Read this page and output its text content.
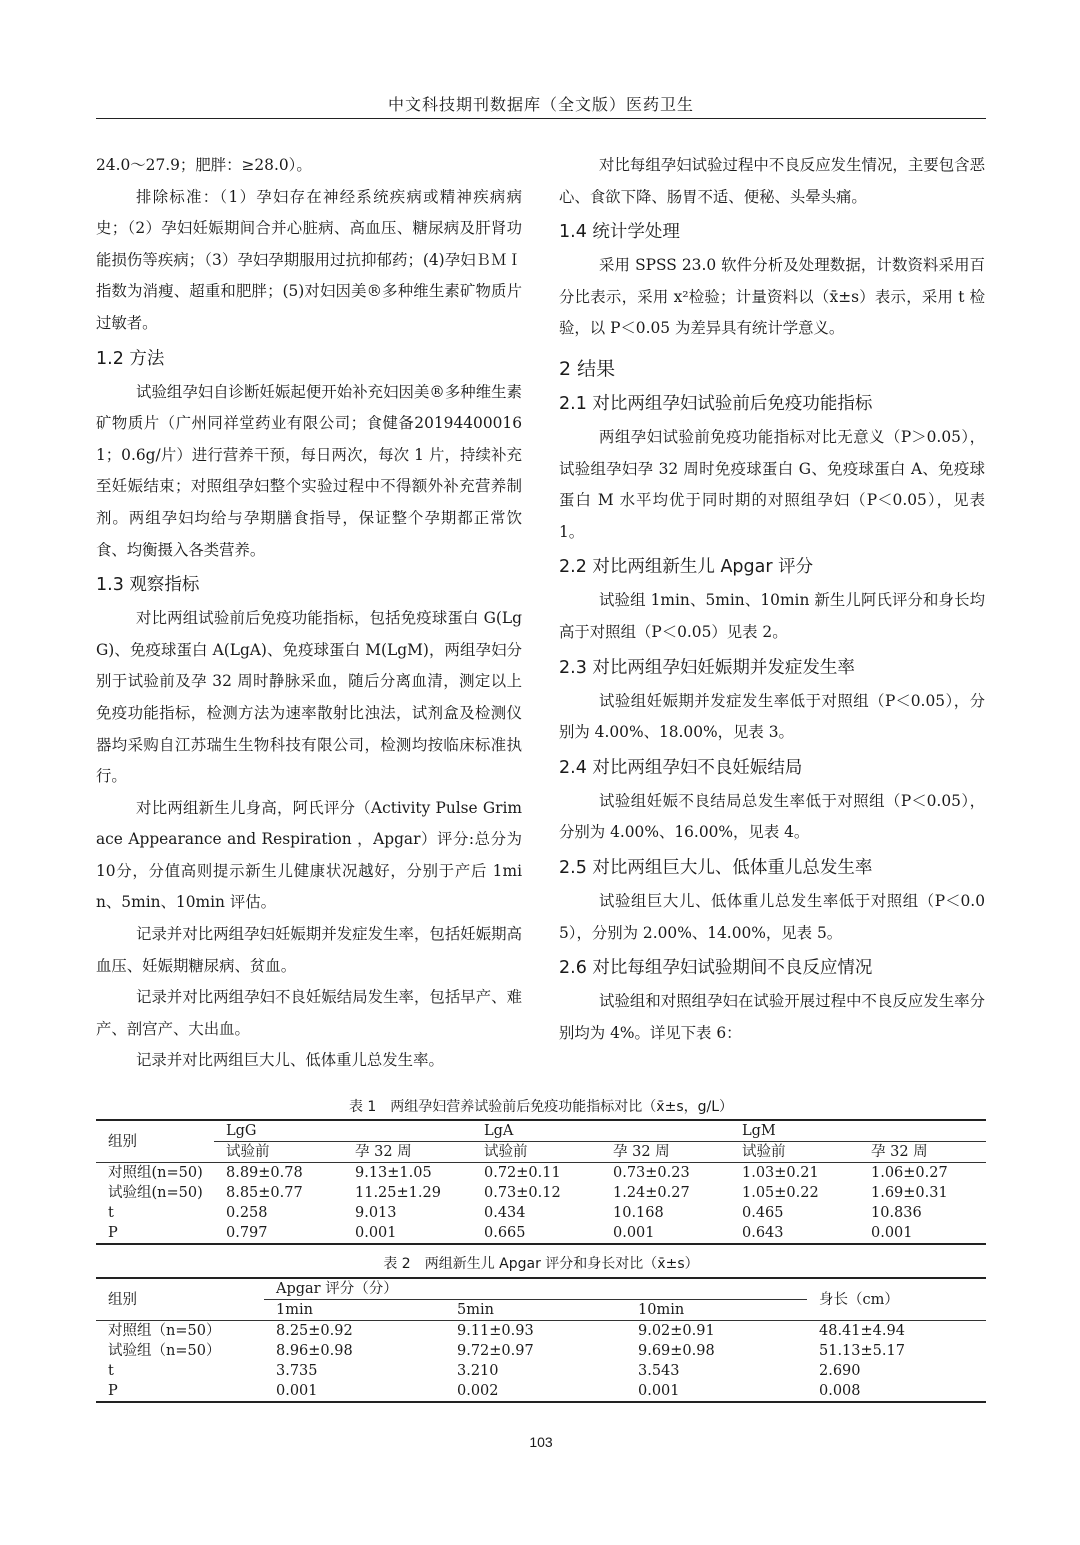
中文科技期刊数据库（全文版）医药卫生

24.0～27.9；肥胖：≥28.0）。

排除标准：（1）孕妇存在神经系统疾病或精神疾病病史；（2）孕妇妊娠期间合并心脏病、高血压、糖尿病及肝肾功能损伤等疾病；（3）孕妇孕期服用过抗抑郁药；(4)孕妇ＢＭＩ指数为消瘦、超重和肥胖；(5)对妇因美®多种维生素矿物质片过敏者。

1.2 方法

试验组孕妇自诊断妊娠起便开始补充妇因美®多种维生素矿物质片（广州同祥堂药业有限公司；食健备201944000161；0.6g/片）进行营养干预，每日两次，每次 1 片，持续补充至妊娠结束；对照组孕妇整个实验过程中不得额外补充营养制剂。两组孕妇均给与孕期膳食指导，保证整个孕期都正常饮食、均衡摄入各类营养。

1.3 观察指标

对比两组试验前后免疫功能指标，包括免疫球蛋白 G(LgG)、免疫球蛋白 A(LgA)、免疫球蛋白 M(LgM)，两组孕妇分别于试验前及孕 32 周时静脉采血，随后分离血清，测定以上免疫功能指标，检测方法为速率散射比浊法，试剂盒及检测仪器均采购自江苏瑞生生物科技有限公司，检测均按临床标准执行。

对比两组新生儿身高，阿氏评分（Activity Pulse Grimace Appearance and Respiration ，Apgar）评分:总分为10分，分值高则提示新生儿健康状况越好，分别于产后 1min、5min、10min 评估。

记录并对比两组孕妇妊娠期并发症发生率，包括妊娠期高血压、妊娠期糖尿病、贫血。

记录并对比两组孕妇不良妊娠结局发生率，包括早产、难产、剖宫产、大出血。

记录并对比两组巨大儿、低体重儿总发生率。

对比每组孕妇试验过程中不良反应发生情况，主要包含恶心、食欲下降、肠胃不适、便秘、头晕头痛。

1.4 统计学处理

采用 SPSS 23.0 软件分析及处理数据，计数资料采用百分比表示，采用 x²检验；计量资料以（x̄±s）表示，采用 t 检验，以 P＜0.05 为差异具有统计学意义。

2 结果
2.1 对比两组孕妇试验前后免疫功能指标

两组孕妇试验前免疫功能指标对比无意义（P＞0.05），试验组孕妇孕 32 周时免疫球蛋白 G、免疫球蛋白 A、免疫球蛋白 M 水平均优于同时期的对照组孕妇（P＜0.05），见表 1。

2.2 对比两组新生儿 Apgar 评分

试验组 1min、5min、10min 新生儿阿氏评分和身长均高于对照组（P＜0.05）见表 2。

2.3 对比两组孕妇妊娠期并发症发生率

试验组妊娠期并发症发生率低于对照组（P＜0.05），分别为 4.00%、18.00%，见表 3。

2.4 对比两组孕妇不良妊娠结局

试验组妊娠不良结局总发生率低于对照组（P＜0.05），分别为 4.00%、16.00%，见表 4。

2.5 对比两组巨大儿、低体重儿总发生率

试验组巨大儿、低体重儿总发生率低于对照组（P＜0.05），分别为 2.00%、14.00%，见表 5。

2.6 对比每组孕妇试验期间不良反应情况

试验组和对照组孕妇在试验开展过程中不良反应发生率分别均为 4%。详见下表 6：

表 1　两组孕妇营养试验前后免疫功能指标对比（x̄±s，g/L）
组别	LgG		LgA		LgM	
	试验前	孕 32 周	试验前	孕 32 周	试验前	孕 32 周
对照组(n=50)	8.89±0.78	9.13±1.05	0.72±0.11	0.73±0.23	1.03±0.21	1.06±0.27
试验组(n=50)	8.85±0.77	11.25±1.29	0.73±0.12	1.24±0.27	1.05±0.22	1.69±0.31
t	0.258	9.013	0.434	10.168	0.465	10.836
P	0.797	0.001	0.665	0.001	0.643	0.001
表 2　两组新生儿 Apgar 评分和身长对比（x̄±s）
组别	Apgar 评分（分）			身长（cm）
	1min	5min	10min	
对照组（n=50）	8.25±0.92	9.11±0.93	9.02±0.91	48.41±4.94
试验组（n=50）	8.96±0.98	9.72±0.97	9.69±0.98	51.13±5.17
t	3.735	3.210	3.543	2.690
P	0.001	0.002	0.001	0.008
103
